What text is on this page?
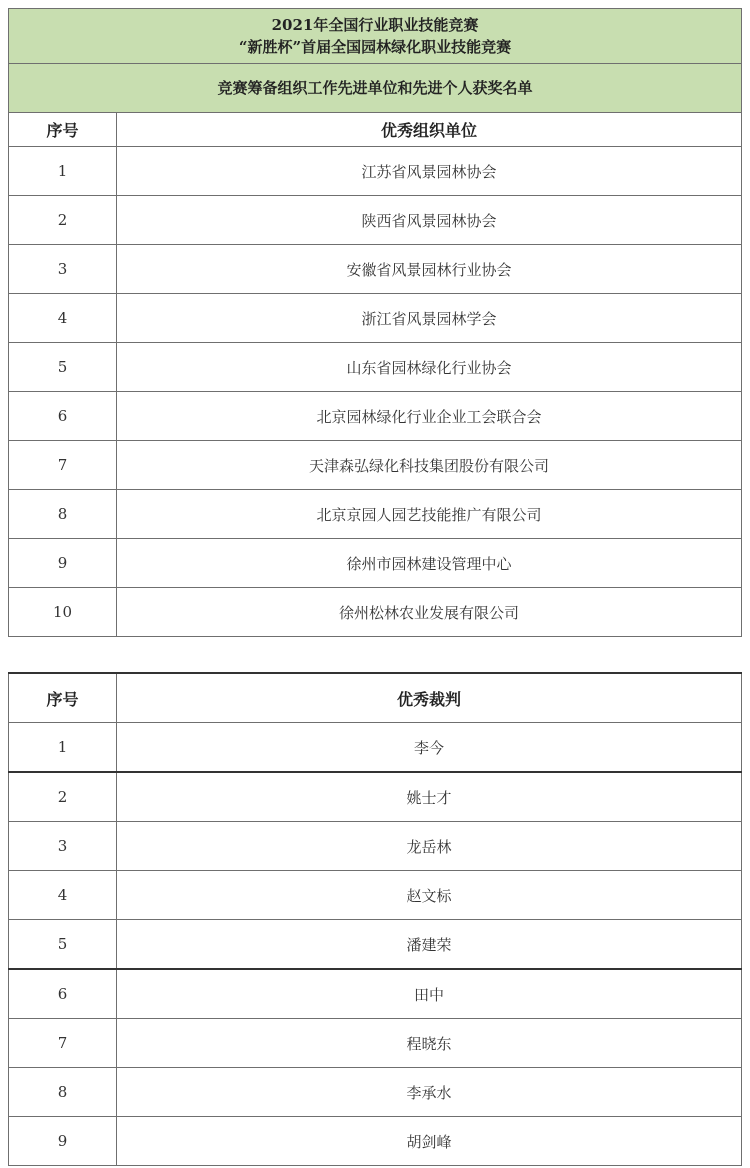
2021年全国行业职业技能竞赛
“新胜杯”首届全国园林绿化职业技能竞赛	

竞赛筹备组织工作先进单位和先进个人获奖名单	
序号	优秀组织单位
1	江苏省风景园林协会
2	陕西省风景园林协会
3	安徽省风景园林行业协会
4	浙江省风景园林学会
5	山东省园林绿化行业协会
6	北京园林绿化行业企业工会联合会
7	天津森弘绿化科技集团股份有限公司
8	北京京园人园艺技能推广有限公司
9	徐州市园林建设管理中心
10	徐州松林农业发展有限公司
序号	优秀裁判
1	李今
2	姚士才
3	龙岳林
4	赵文标
5	潘建荣
6	田中
7	程晓东
8	李承水
9	胡剑峰
